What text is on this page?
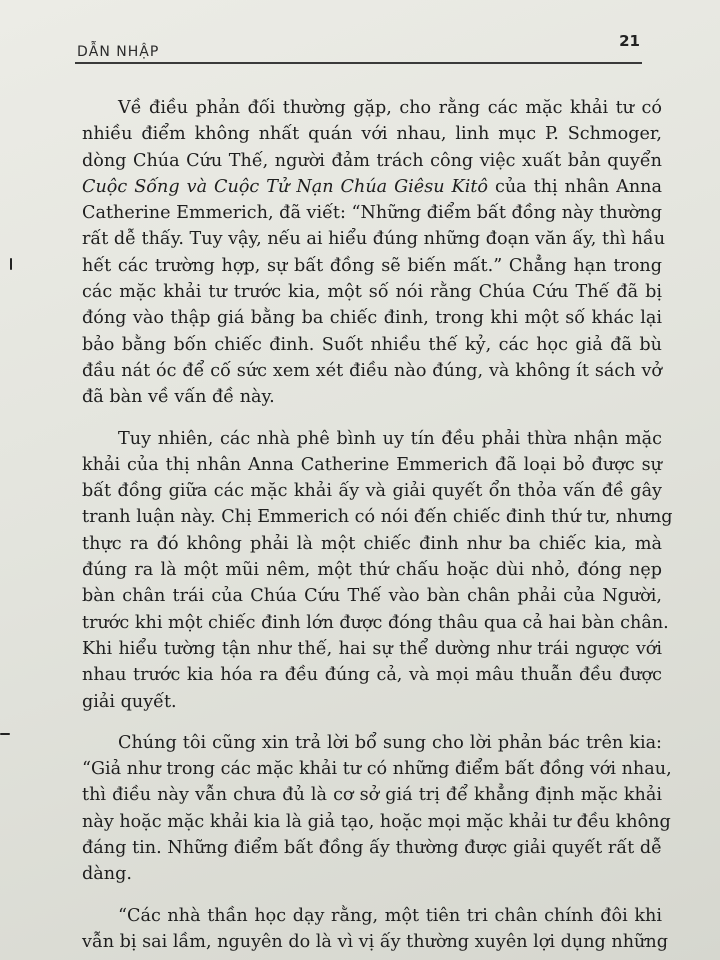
DẪN NHẬP
21
Về điều phản đối thường gặp, cho rằng các mặc khải tư có
nhiều điểm không nhất quán với nhau, linh mục P. Schmoger,
dòng Chúa Cứu Thế, người đảm trách công việc xuất bản quyển
Cuộc Sống và Cuộc Tử Nạn Chúa Giêsu Kitô của thị nhân Anna
Catherine Emmerich, đã viết: “Những điểm bất đồng này thường
rất dễ thấy. Tuy vậy, nếu ai hiểu đúng những đoạn văn ấy, thì hầu
hết các trường hợp, sự bất đồng sẽ biến mất.” Chẳng hạn trong
các mặc khải tư trước kia, một số nói rằng Chúa Cứu Thế đã bị
đóng vào thập giá bằng ba chiếc đinh, trong khi một số khác lại
bảo bằng bốn chiếc đinh. Suốt nhiều thế kỷ, các học giả đã bù
đầu nát óc để cố sức xem xét điều nào đúng, và không ít sách vở
đã bàn về vấn đề này.
Tuy nhiên, các nhà phê bình uy tín đều phải thừa nhận mặc
khải của thị nhân Anna Catherine Emmerich đã loại bỏ được sự
bất đồng giữa các mặc khải ấy và giải quyết ổn thỏa vấn đề gây
tranh luận này. Chị Emmerich có nói đến chiếc đinh thứ tư, nhưng
thực ra đó không phải là một chiếc đinh như ba chiếc kia, mà
đúng ra là một mũi nêm, một thứ chấu hoặc dùi nhỏ, đóng nẹp
bàn chân trái của Chúa Cứu Thế vào bàn chân phải của Người,
trước khi một chiếc đinh lớn được đóng thâu qua cả hai bàn chân.
Khi hiểu tường tận như thế, hai sự thể dường như trái ngược với
nhau trước kia hóa ra đều đúng cả, và mọi mâu thuẫn đều được
giải quyết.
Chúng tôi cũng xin trả lời bổ sung cho lời phản bác trên kia:
“Giả như trong các mặc khải tư có những điểm bất đồng với nhau,
thì điều này vẫn chưa đủ là cơ sở giá trị để khẳng định mặc khải
này hoặc mặc khải kia là giả tạo, hoặc mọi mặc khải tư đều không
đáng tin. Những điểm bất đồng ấy thường được giải quyết rất dễ
dàng.
“Các nhà thần học dạy rằng, một tiên tri chân chính đôi khi
vẫn bị sai lầm, nguyên do là vì vị ấy thường xuyên lợi dụng những
